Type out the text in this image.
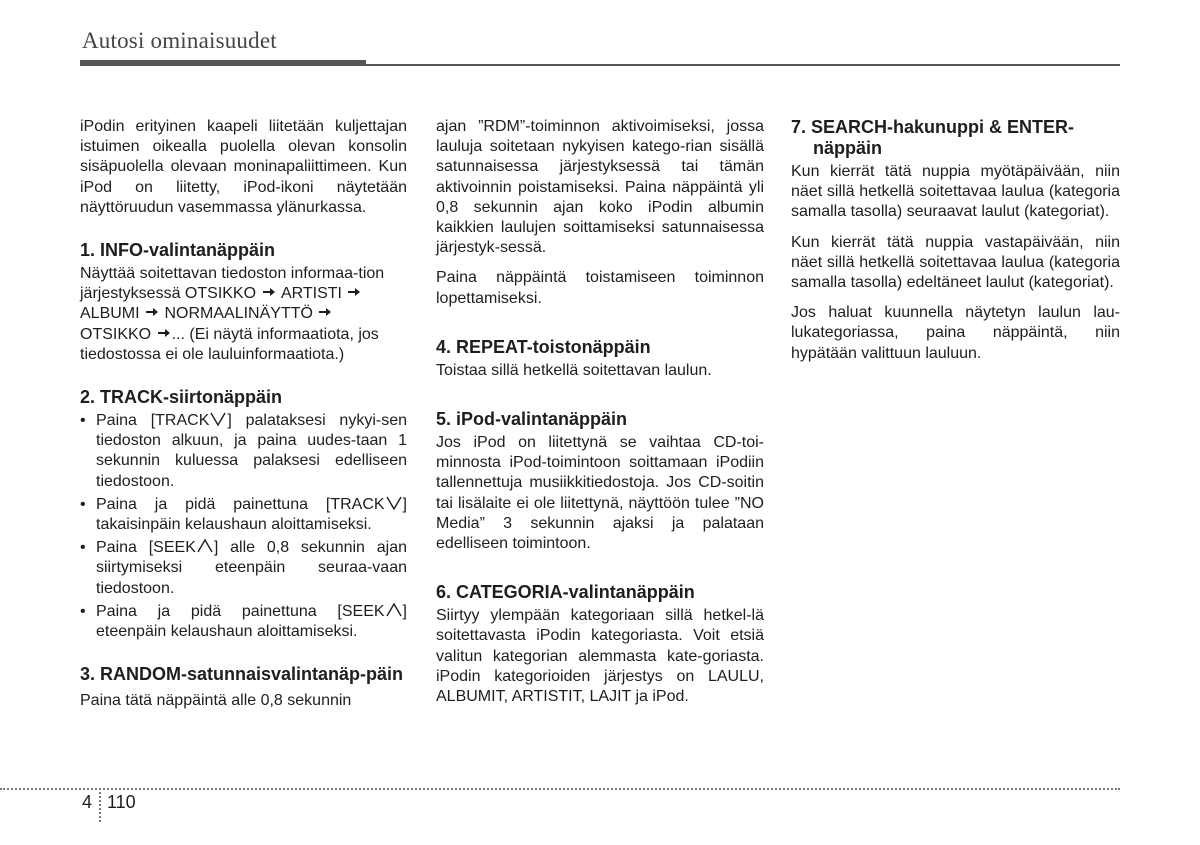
Autosi ominaisuudet

iPodin erityinen kaapeli liitetään kuljettajan istuimen oikealla puolella olevan konsolin sisäpuolella olevaan moninapaliittimeen. Kun iPod on liitetty, iPod-ikoni näytetään näyttöruudun vasemmassa ylänurkassa.

1. INFO-valintanäppäin

Näyttää soitettavan tiedoston informaa-tion järjestyksessä OTSIKKO ARTISTI
ALBUMI NORMAALINÄYTTÖ
OTSIKKO ... (Ei näytä informaatiota, jos tiedostossa ei ole lauluinformaatiota.)

2. TRACK-siirtonäppäin
• Paina [TRACK ] palataksesi nykyi-sen tiedoston alkuun, ja paina uudes-taan 1 sekunnin kuluessa palaksesi edelliseen tiedostoon.
• Paina ja pidä painettuna [TRACK ] takaisinpäin kelaushaun aloittamiseksi.
• Paina [SEEK ] alle 0,8 sekunnin ajan siirtymiseksi eteenpäin seuraa-vaan tiedostoon.
• Paina ja pidä painettuna [SEEK ] eteenpäin kelaushaun aloittamiseksi.
3. RANDOM-satunnaisvalintanäp-päin

Paina tätä näppäintä alle 0,8 sekunnin

ajan ”RDM”-toiminnon aktivoimiseksi, jossa lauluja soitetaan nykyisen katego-rian sisällä satunnaisessa järjestyksessä tai tämän aktivoinnin poistamiseksi. Paina näppäintä yli 0,8 sekunnin ajan koko iPodin albumin kaikkien laulujen soittamiseksi satunnaisessa järjestyk-sessä.

Paina näppäintä toistamiseen toiminnon lopettamiseksi.

4. REPEAT-toistonäppäin

Toistaa sillä hetkellä soitettavan laulun.

5. iPod-valintanäppäin

Jos iPod on liitettynä se vaihtaa CD-toi-minnosta iPod-toimintoon soittamaan iPodiin tallennettuja musiikkitiedostoja. Jos CD-soitin tai lisälaite ei ole liitettynä, näyttöön tulee ”NO Media” 3 sekunnin ajaksi ja palataan edelliseen toimintoon.

6. CATEGORIA-valintanäppäin

Siirtyy ylempään kategoriaan sillä hetkel-lä soitettavasta iPodin kategoriasta. Voit etsiä valitun kategorian alemmasta kate-goriasta. iPodin kategorioiden järjestys on LAULU, ALBUMIT, ARTISTIT, LAJIT ja iPod.

7. SEARCH-hakunuppi & ENTER-näppäin

Kun kierrät tätä nuppia myötäpäivään, niin näet sillä hetkellä soitettavaa laulua (kategoria samalla tasolla) seuraavat laulut (kategoriat).

Kun kierrät tätä nuppia vastapäivään, niin näet sillä hetkellä soitettavaa laulua (kategoria samalla tasolla) edeltäneet laulut (kategoriat).

Jos haluat kuunnella näytetyn laulun lau-lukategoriassa, paina näppäintä, niin hypätään valittuun lauluun.

4 110
